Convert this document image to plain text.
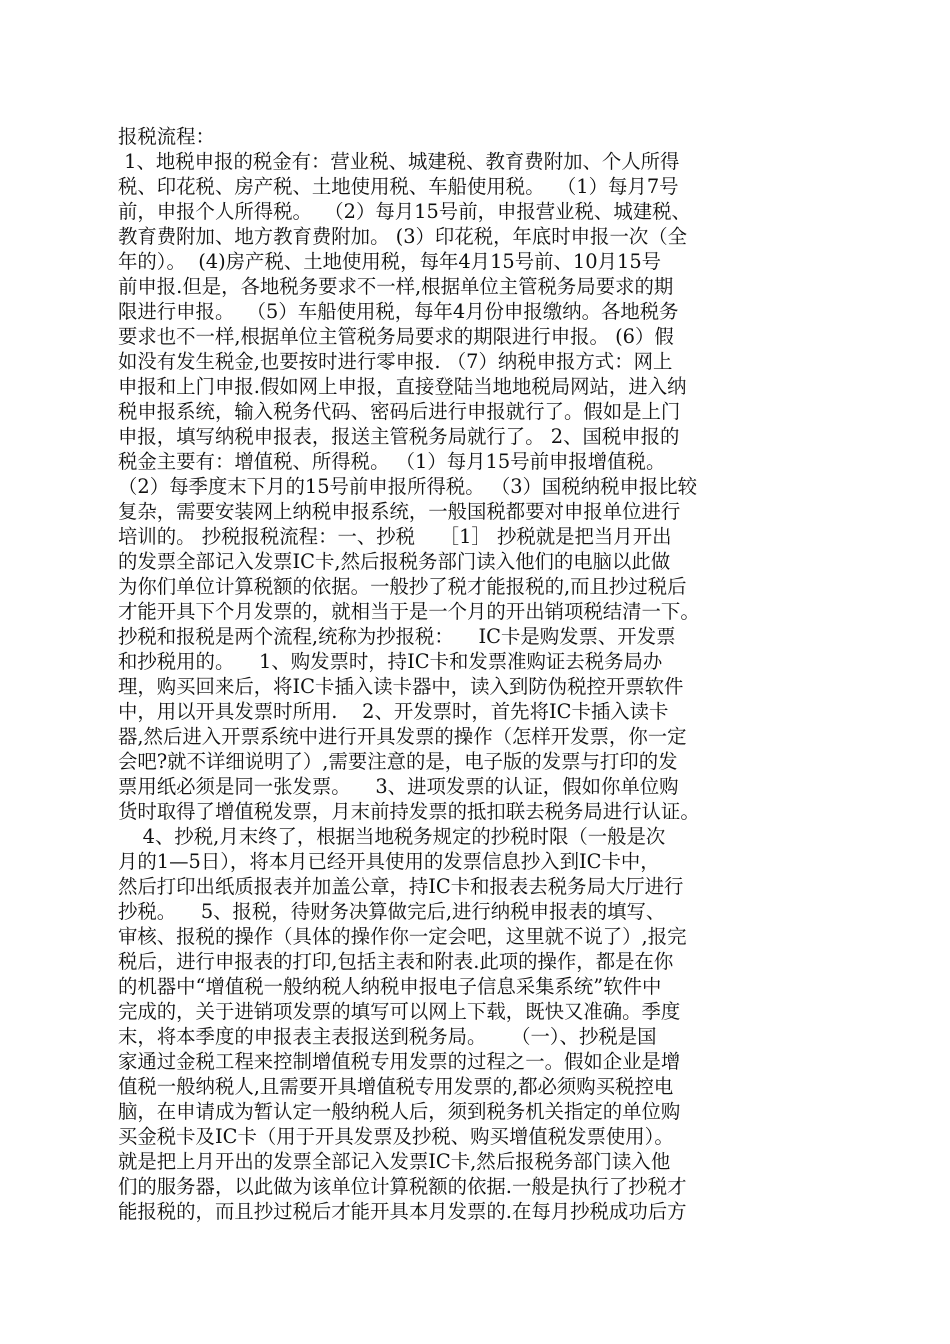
报税流程：
1、地税申报的税金有：营业税、城建税、教育费附加、个人所得
税、印花税、房产税、土地使用税、车船使用税。  （1）每月7号
前，申报个人所得税。  （2）每月15号前，申报营业税、城建税、
教育费附加、地方教育费附加。 (3）印花税，年底时申报一次（全
年的）。  (4)房产税、土地使用税，每年4月15号前、10月15号
前申报.但是，各地税务要求不一样,根据单位主管税务局要求的期
限进行申报。  （5）车船使用税，每年4月份申报缴纳。各地税务
要求也不一样,根据单位主管税务局要求的期限进行申报。 (6）假
如没有发生税金,也要按时进行零申报. （7）纳税申报方式：网上
申报和上门申报.假如网上申报，直接登陆当地地税局网站，进入纳
税申报系统，输入税务代码、密码后进行申报就行了。假如是上门
申报，填写纳税申报表，报送主管税务局就行了。 2、国税申报的
税金主要有：增值税、所得税。 （1）每月15号前申报增值税。
（2）每季度末下月的15号前申报所得税。 （3）国税纳税申报比较
复杂，需要安装网上纳税申报系统，一般国税都要对申报单位进行
培训的。 抄税报税流程：一、抄税    ［1］ 抄税就是把当月开出
的发票全部记入发票IC卡,然后报税务部门读入他们的电脑以此做
为你们单位计算税额的依据。一般抄了税才能报税的,而且抄过税后
才能开具下个月发票的，就相当于是一个月的开出销项税结清一下。
抄税和报税是两个流程,统称为抄报税：    IC卡是购发票、开发票
和抄税用的。    1、购发票时，持IC卡和发票准购证去税务局办
理，购买回来后，将IC卡插入读卡器中，读入到防伪税控开票软件
中，用以开具发票时所用.    2、开发票时，首先将IC卡插入读卡
器,然后进入开票系统中进行开具发票的操作（怎样开发票，你一定
会吧?就不详细说明了）,需要注意的是，电子版的发票与打印的发
票用纸必须是同一张发票。    3、进项发票的认证，假如你单位购
货时取得了增值税发票，月末前持发票的抵扣联去税务局进行认证。
4、抄税,月末终了，根据当地税务规定的抄税时限（一般是次
月的1—5日），将本月已经开具使用的发票信息抄入到IC卡中，
然后打印出纸质报表并加盖公章，持IC卡和报表去税务局大厅进行
抄税。    5、报税，待财务决算做完后,进行纳税申报表的填写、
审核、报税的操作（具体的操作你一定会吧，这里就不说了）,报完
税后，进行申报表的打印,包括主表和附表.此项的操作，都是在你
的机器中“增值税一般纳税人纳税申报电子信息采集系统”软件中
完成的，关于进销项发票的填写可以网上下载，既快又准确。季度
末，将本季度的申报表主表报送到税务局。    （一）、抄税是国
家通过金税工程来控制增值税专用发票的过程之一。假如企业是增
值税一般纳税人,且需要开具增值税专用发票的,都必须购买税控电
脑，在申请成为暂认定一般纳税人后，须到税务机关指定的单位购
买金税卡及IC卡（用于开具发票及抄税、购买增值税发票使用）。
就是把上月开出的发票全部记入发票IC卡,然后报税务部门读入他
们的服务器，以此做为该单位计算税额的依据.一般是执行了抄税才
能报税的，而且抄过税后才能开具本月发票的.在每月抄税成功后方
